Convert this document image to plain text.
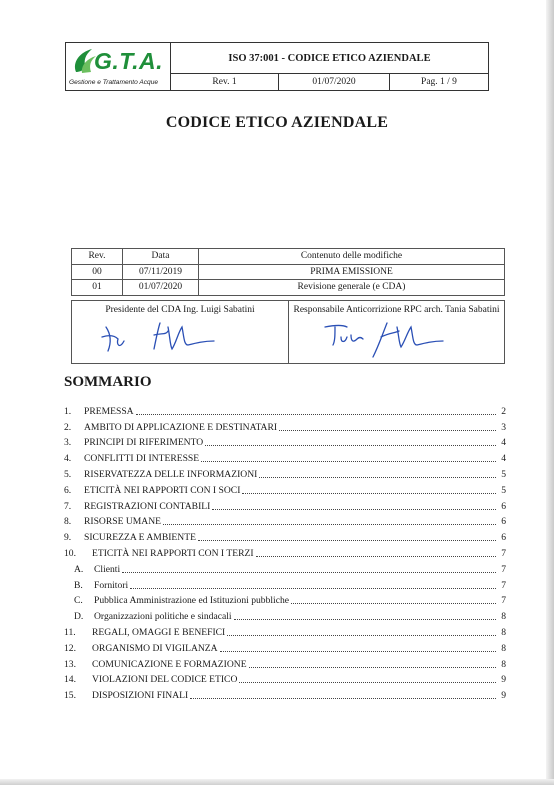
G.T.A.
Gestione e Trattamento Acque
ISO 37:001 - CODICE ETICO AZIENDALE
Rev. 1	01/07/2020	Pag. 1 / 9
CODICE ETICO AZIENDALE
Rev.	Data	Contenuto delle modifiche
00	07/11/2019	PRIMA EMISSIONE
01	01/07/2020	Revisione generale (e CDA)
Presidente del CDA Ing. Luigi Sabatini	Responsabile Anticorrizione RPC arch. Tania Sabatini
SOMMARIO
1.	PREMESSA	2
2.	AMBITO DI APPLICAZIONE E DESTINATARI	3
3.	PRINCIPI DI RIFERIMENTO	4
4.	CONFLITTI DI INTERESSE	4
5.	RISERVATEZZA DELLE INFORMAZIONI	5
6.	ETICITÀ NEI RAPPORTI CON I SOCI	5
7.	REGISTRAZIONI CONTABILI	6
8.	RISORSE UMANE	6
9.	SICUREZZA E AMBIENTE	6
10.	ETICITÀ NEI RAPPORTI CON I TERZI	7
A. Clienti	7
B. Fornitori	7
C. Pubblica Amministrazione ed Istituzioni pubbliche	7
D. Organizzazioni politiche e sindacali	8
11.	REGALI, OMAGGI E BENEFICI	8
12.	ORGANISMO DI VIGILANZA	8
13.	COMUNICAZIONE E FORMAZIONE	8
14.	VIOLAZIONI DEL CODICE ETICO	9
15.	DISPOSIZIONI FINALI	9
